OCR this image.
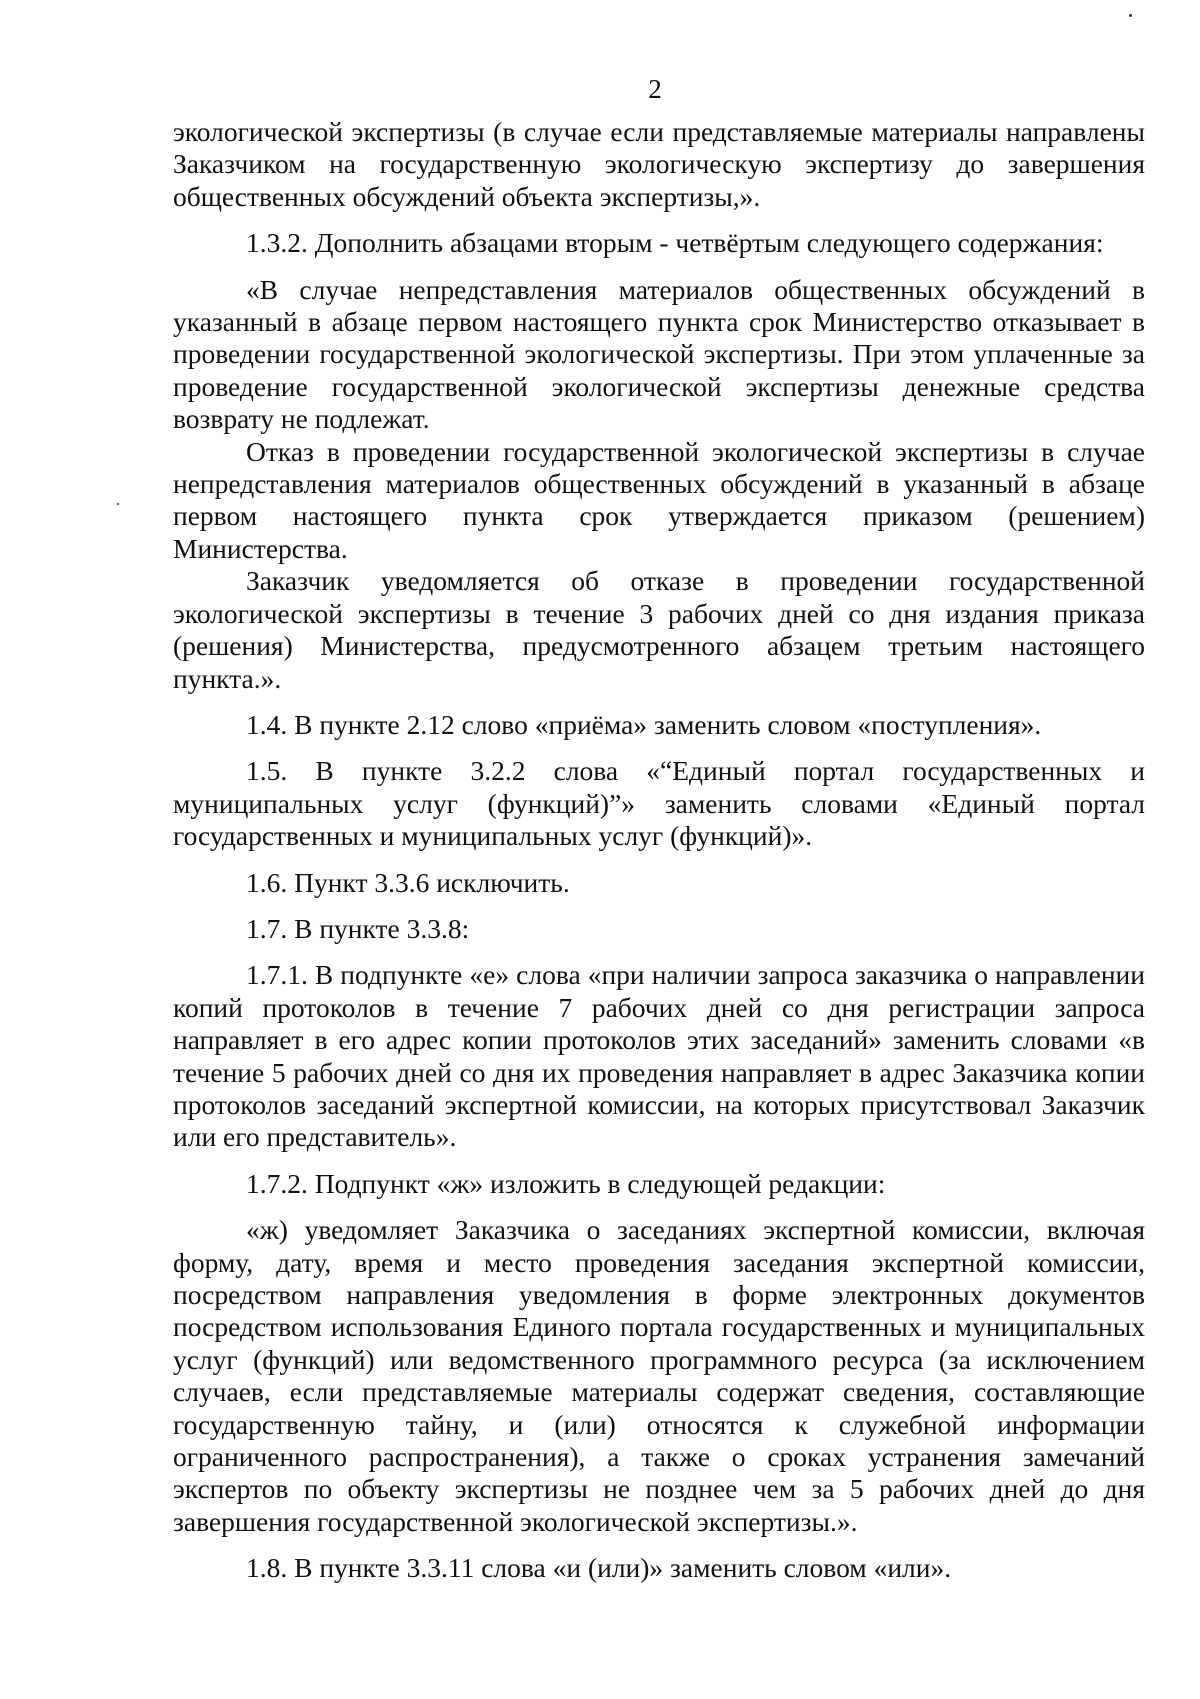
2

экологической экспертизы (в случае если представляемые материалы направлены Заказчиком на государственную экологическую экспертизу до завершения общественных обсуждений объекта экспертизы,».

1.3.2. Дополнить абзацами вторым - четвёртым следующего содержания:

«В случае непредставления материалов общественных обсуждений в указанный в абзаце первом настоящего пункта срок Министерство отказывает в проведении государственной экологической экспертизы. При этом уплаченные за проведение государственной экологической экспертизы денежные средства возврату не подлежат.

Отказ в проведении государственной экологической экспертизы в случае непредставления материалов общественных обсуждений в указанный в абзаце первом настоящего пункта срок утверждается приказом (решением) Министерства.

Заказчик уведомляется об отказе в проведении государственной экологической экспертизы в течение 3 рабочих дней со дня издания приказа (решения) Министерства, предусмотренного абзацем третьим настоящего пункта.».

1.4. В пункте 2.12 слово «приёма» заменить словом «поступления».

1.5. В пункте 3.2.2 слова «“Единый портал государственных и муниципальных услуг (функций)”» заменить словами «Единый портал государственных и муниципальных услуг (функций)».

1.6. Пункт 3.3.6 исключить.

1.7. В пункте 3.3.8:

1.7.1. В подпункте «е» слова «при наличии запроса заказчика о направлении копий протоколов в течение 7 рабочих дней со дня регистрации запроса направляет в его адрес копии протоколов этих заседаний» заменить словами «в течение 5 рабочих дней со дня их проведения направляет в адрес Заказчика копии протоколов заседаний экспертной комиссии, на которых присутствовал Заказчик или его представитель».

1.7.2. Подпункт «ж» изложить в следующей редакции:

«ж) уведомляет Заказчика о заседаниях экспертной комиссии, включая форму, дату, время и место проведения заседания экспертной комиссии, посредством направления уведомления в форме электронных документов посредством использования Единого портала государственных и муниципальных услуг (функций) или ведомственного программного ресурса (за исключением случаев, если представляемые материалы содержат сведения, составляющие государственную тайну, и (или) относятся к служебной информации ограниченного распространения), а также о сроках устранения замечаний экспертов по объекту экспертизы не позднее чем за 5 рабочих дней до дня завершения государственной экологической экспертизы.».

1.8. В пункте 3.3.11 слова «и (или)» заменить словом «или».
